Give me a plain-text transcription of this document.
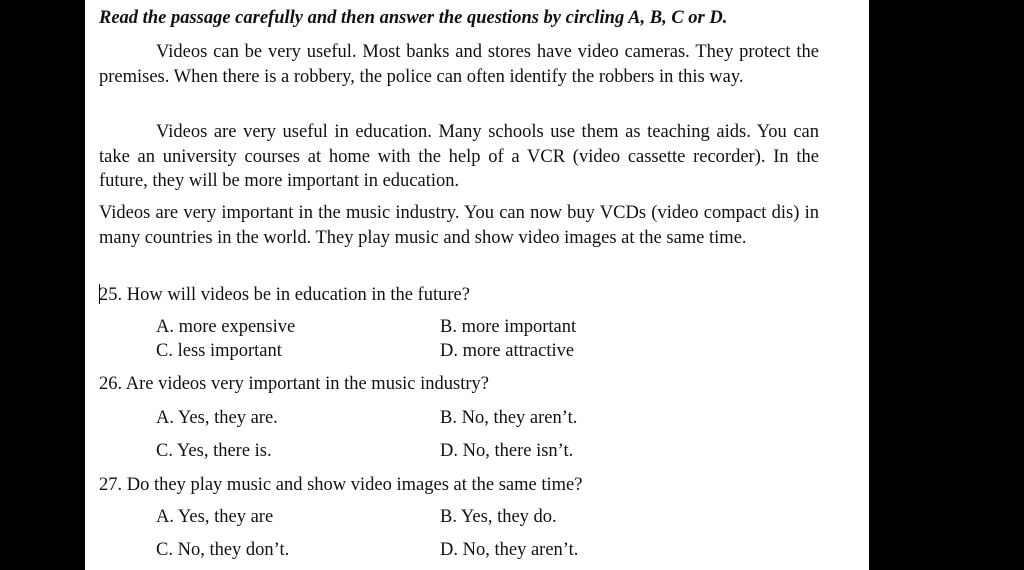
Read the passage carefully and then answer the questions by circling A, B, C or D.
Videos can be very useful. Most banks and stores have video cameras. They protect the premises. When there is a robbery, the police can often identify the robbers in this way.
Videos are very useful in education. Many schools use them as teaching aids. You can take an university courses at home with the help of a VCR (video cassette recorder). In the future, they will be more important in education.
Videos are very important in the music industry. You can now buy VCDs (video compact dis) in many countries in the world. They play music and show video images at the same time.
25. How will videos be in education in the future?
A. more expensive	B. more important
C. less important	D. more attractive
26. Are videos very important in the music industry?
A. Yes, they are.	B. No, they aren’t.
C. Yes, there is.	D. No, there isn’t.
27. Do they play music and show video images at the same time?
A. Yes, they are	B. Yes, they do.
C. No, they don’t.	D. No, they aren’t.
